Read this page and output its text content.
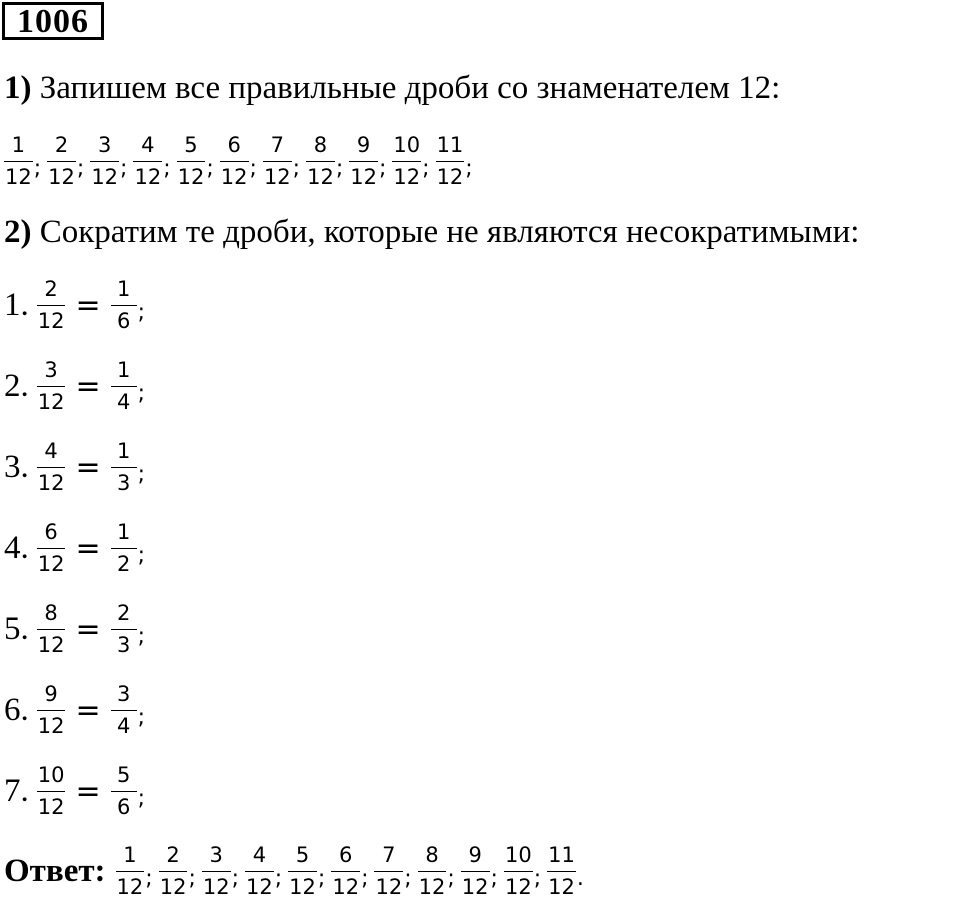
1006
1) Запишем все правильные дроби со знаменателем 12:
$\frac{1}{12}$ ; $\frac{2}{12}$ ; $\frac{3}{12}$ ; $\frac{4}{12}$ ; $\frac{5}{12}$ ; $\frac{6}{12}$ ; $\frac{7}{12}$ ; $\frac{8}{12}$ ; $\frac{9}{12}$ ; $\frac{10}{12}$ ; $\frac{11}{12}$ ;
2) Сократим те дроби, которые не являются несократимыми:
1. $\frac{2}{12} = \frac{1}{6}$ ;
2. $\frac{3}{12} = \frac{1}{4}$ ;
3. $\frac{4}{12} = \frac{1}{3}$ ;
4. $\frac{6}{12} = \frac{1}{2}$ ;
5. $\frac{8}{12} = \frac{2}{3}$ ;
6. $\frac{9}{12} = \frac{3}{4}$ ;
7. $\frac{10}{12} = \frac{5}{6}$ ;
Ответ: $\frac{1}{12}$ ; $\frac{2}{12}$ ; $\frac{3}{12}$ ; $\frac{4}{12}$ ; $\frac{5}{12}$ ; $\frac{6}{12}$ ; $\frac{7}{12}$ ; $\frac{8}{12}$ ; $\frac{9}{12}$ ; $\frac{10}{12}$ ; $\frac{11}{12}$ .
